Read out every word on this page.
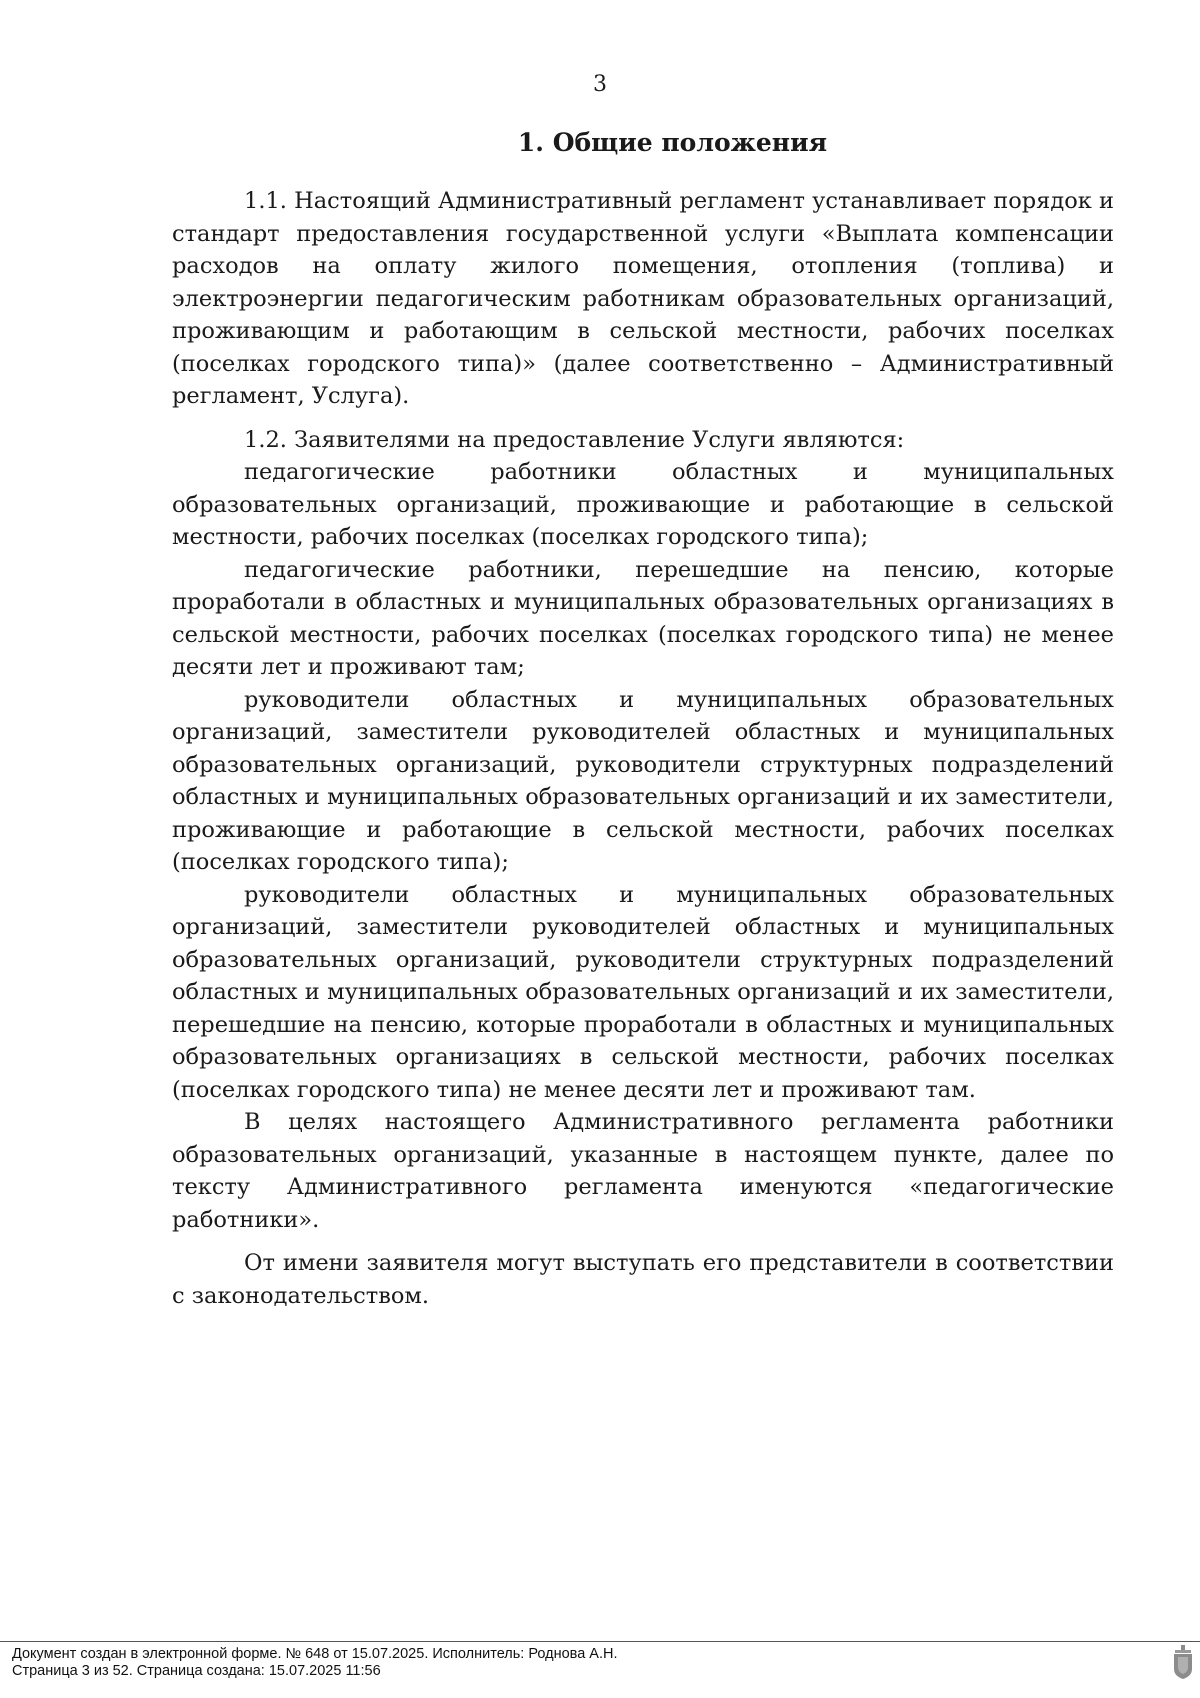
3
1. Общие положения

1.1. Настоящий Административный регламент устанавливает порядок и стандарт предоставления государственной услуги «Выплата компенсации расходов на оплату жилого помещения, отопления (топлива) и электроэнергии педагогическим работникам образовательных организаций, проживающим и работающим в сельской местности, рабочих поселках (поселках городского типа)» (далее соответственно – Административный регламент, Услуга).

1.2. Заявителями на предоставление Услуги являются:

педагогические работники областных и муниципальных образовательных организаций, проживающие и работающие в сельской местности, рабочих поселках (поселках городского типа);

педагогические работники, перешедшие на пенсию, которые проработали в областных и муниципальных образовательных организациях в сельской местности, рабочих поселках (поселках городского типа) не менее десяти лет и проживают там;

руководители областных и муниципальных образовательных организаций, заместители руководителей областных и муниципальных образовательных организаций, руководители структурных подразделений областных и муниципальных образовательных организаций и их заместители, проживающие и работающие в сельской местности, рабочих поселках (поселках городского типа);

руководители областных и муниципальных образовательных организаций, заместители руководителей областных и муниципальных образовательных организаций, руководители структурных подразделений областных и муниципальных образовательных организаций и их заместители, перешедшие на пенсию, которые проработали в областных и муниципальных образовательных организациях в сельской местности, рабочих поселках (поселках городского типа) не менее десяти лет и проживают там.

В целях настоящего Административного регламента работники образовательных организаций, указанные в настоящем пункте, далее по тексту Административного регламента именуются «педагогические работники».

От имени заявителя могут выступать его представители в соответствии с законодательством.

Документ создан в электронной форме. № 648 от 15.07.2025. Исполнитель: Роднова А.Н.
Страница 3 из 52. Страница создана: 15.07.2025 11:56
